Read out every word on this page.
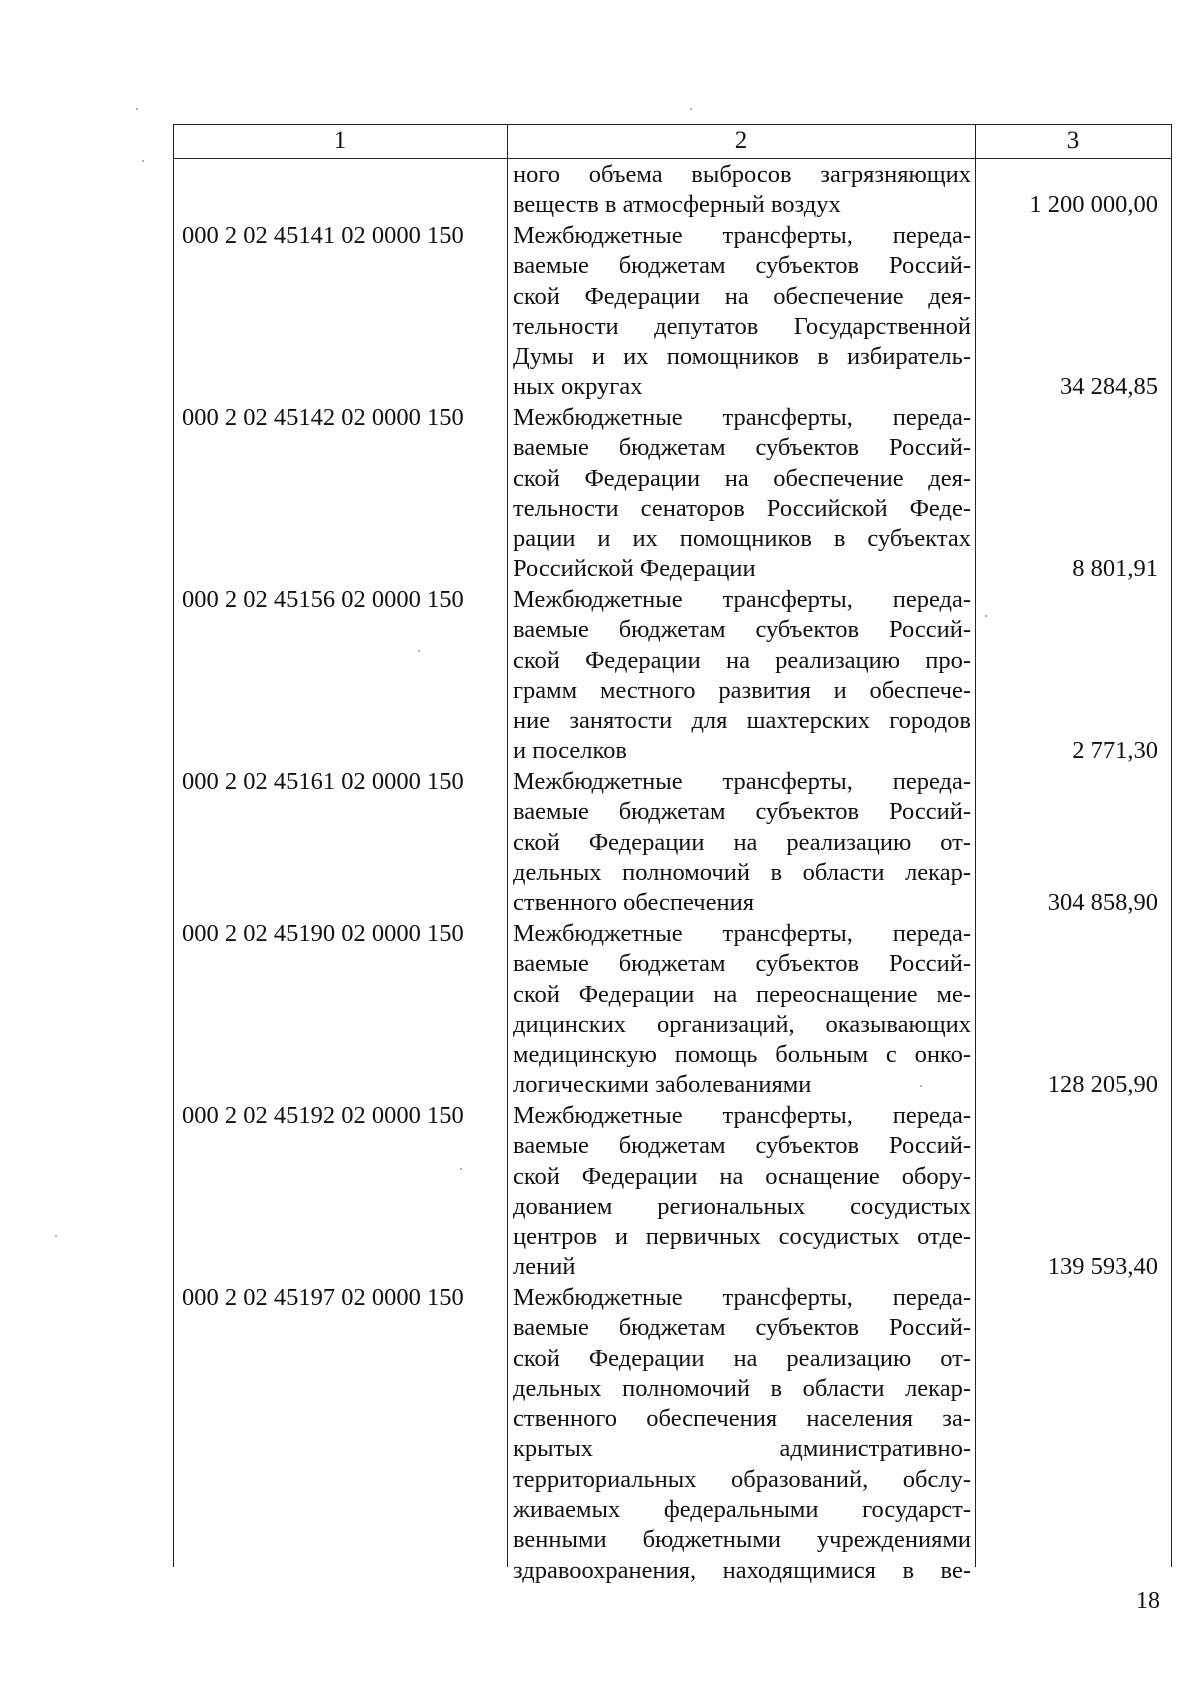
1	2	3
ного объема выбросов загрязняющих
веществ в атмосферный воздух	1 200 000,00
000 2 02 45141 02 0000 150	Межбюджетные трансферты, переда-
ваемые бюджетам субъектов Россий-
ской Федерации на обеспечение дея-
тельности депутатов Государственной
Думы и их помощников в избиратель-
ных округах	34 284,85
000 2 02 45142 02 0000 150	Межбюджетные трансферты, переда-
ваемые бюджетам субъектов Россий-
ской Федерации на обеспечение дея-
тельности сенаторов Российской Феде-
рации и их помощников в субъектах
Российской Федерации	8 801,91
000 2 02 45156 02 0000 150	Межбюджетные трансферты, переда-
ваемые бюджетам субъектов Россий-
ской Федерации на реализацию про-
грамм местного развития и обеспече-
ние занятости для шахтерских городов
и поселков	2 771,30
000 2 02 45161 02 0000 150	Межбюджетные трансферты, переда-
ваемые бюджетам субъектов Россий-
ской Федерации на реализацию от-
дельных полномочий в области лекар-
ственного обеспечения	304 858,90
000 2 02 45190 02 0000 150	Межбюджетные трансферты, переда-
ваемые бюджетам субъектов Россий-
ской Федерации на переоснащение ме-
дицинских организаций, оказывающих
медицинскую помощь больным с онко-
логическими заболеваниями	128 205,90
000 2 02 45192 02 0000 150	Межбюджетные трансферты, переда-
ваемые бюджетам субъектов Россий-
ской Федерации на оснащение обору-
дованием региональных сосудистых
центров и первичных сосудистых отде-
лений	139 593,40
000 2 02 45197 02 0000 150	Межбюджетные трансферты, переда-
ваемые бюджетам субъектов Россий-
ской Федерации на реализацию от-
дельных полномочий в области лекар-
ственного обеспечения населения за-
крытых административно-
территориальных образований, обслу-
живаемых федеральными государст-
венными бюджетными учреждениями
здравоохранения, находящимися в ве-
18
